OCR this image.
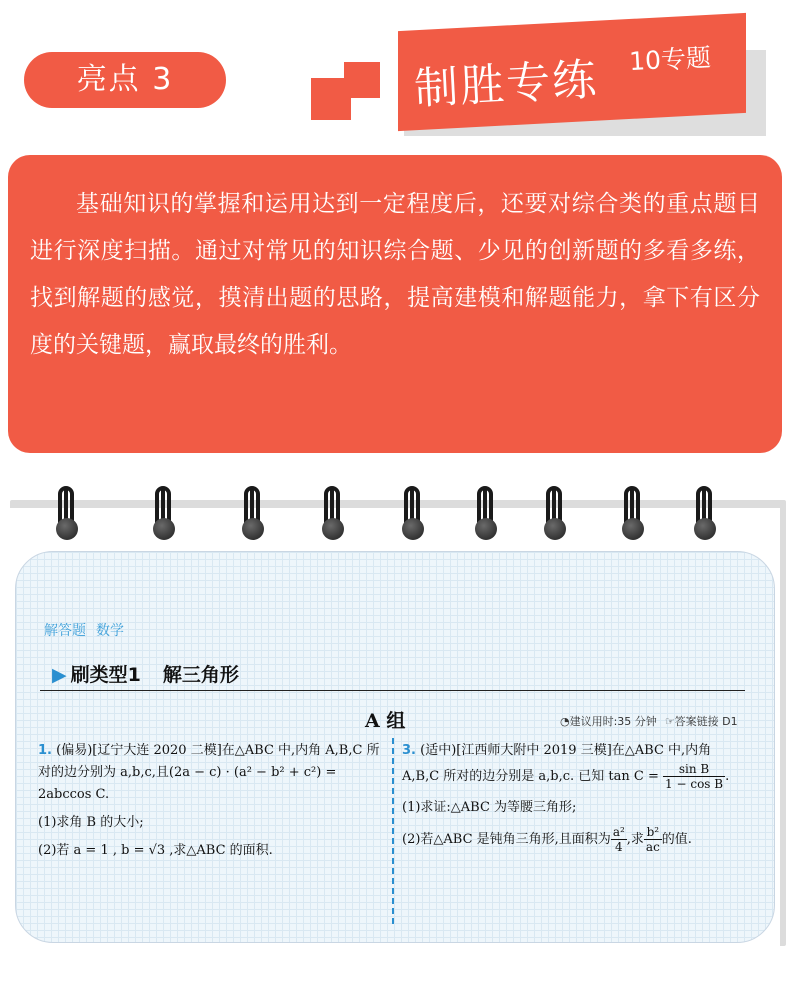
亮点 3	制胜专练 10专题

基础知识的掌握和运用达到一定程度后，还要对综合类的重点题目进行深度扫描。通过对常见的知识综合题、少见的创新题的多看多练，找到解题的感觉，摸清出题的思路，提高建模和解题能力，拿下有区分度的关键题，赢取最终的胜利。

解答题 数学
▶ 刷类型1 解三角形
A 组	◔建议用时:35 分钟 ☞答案链接 D1
1. (偏易)[辽宁大连 2020 二模]在△ABC 中,内角 A,B,C 所对的边分别为 a,b,c,且(2a − c) · (a² − b² + c²) = 2abccos C.
(1)求角 B 的大小;
(2)若 a = 1 , b = √3 ,求△ABC 的面积.
3. (适中)[江西师大附中 2019 三模]在△ABC 中,内角 A,B,C 所对的边分别是 a,b,c. 已知 $\tan C = \frac{\text{sin B}}{\text{1 − cos B}}$ .
(1)求证:△ABC 为等腰三角形;
(2)若△ABC 是钝角三角形,且面积为 $\frac{\text{a²}}{4}$ ,求 $\frac{\text{b²}}{ac}$ 的值.
